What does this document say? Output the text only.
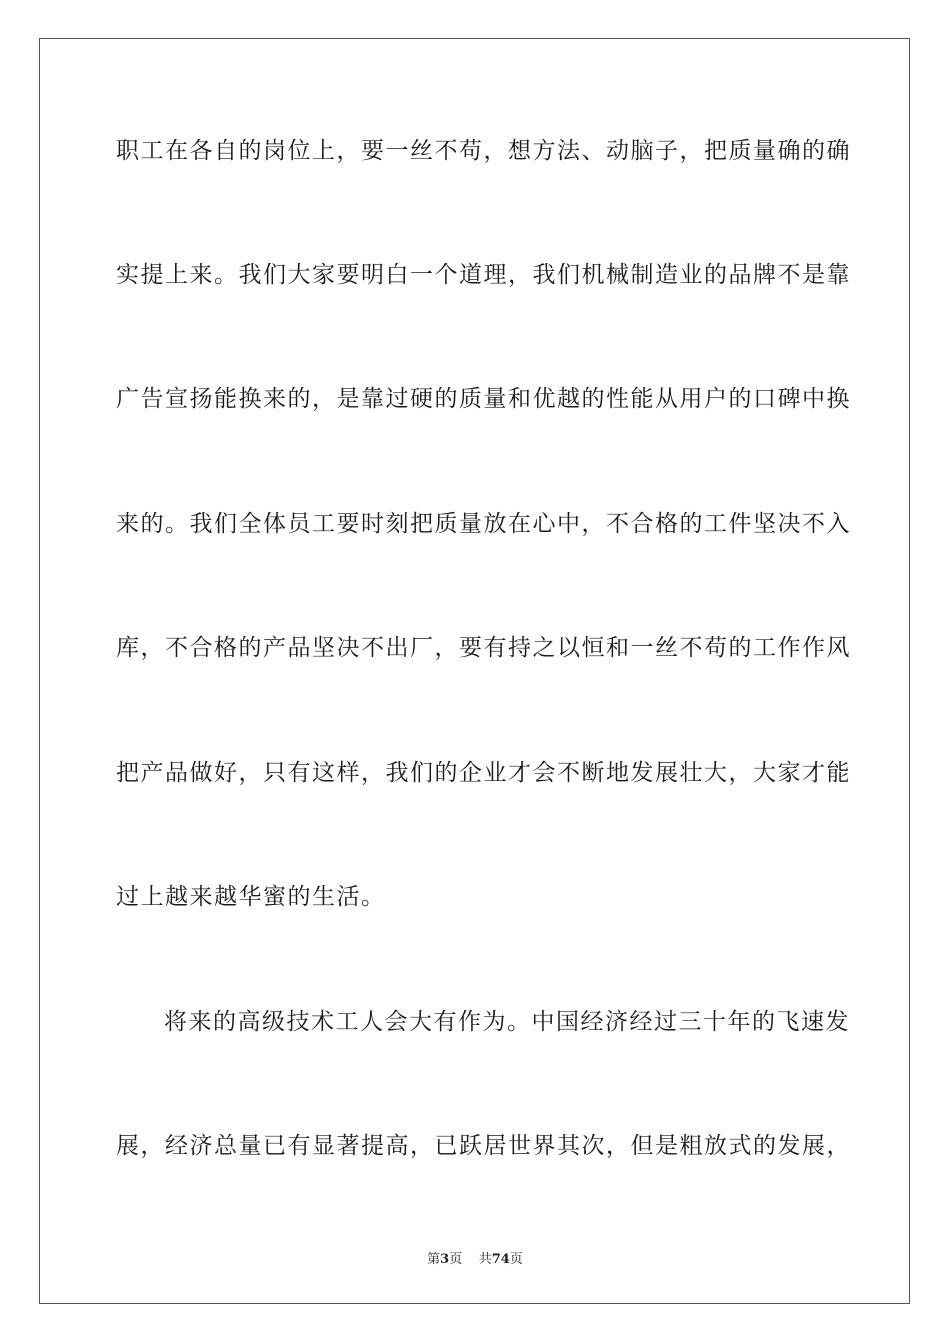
职工在各自的岗位上，要一丝不苟，想方法、动脑子，把质量确的确
实提上来。我们大家要明白一个道理，我们机械制造业的品牌不是靠
广告宣扬能换来的，是靠过硬的质量和优越的性能从用户的口碑中换
来的。我们全体员工要时刻把质量放在心中，不合格的工件坚决不入
库，不合格的产品坚决不出厂，要有持之以恒和一丝不苟的工作作风
把产品做好，只有这样，我们的企业才会不断地发展壮大，大家才能
过上越来越华蜜的生活。
将来的高级技术工人会大有作为。中国经济经过三十年的飞速发
展，经济总量已有显著提高，已跃居世界其次，但是粗放式的发展，
第3页 共74页
